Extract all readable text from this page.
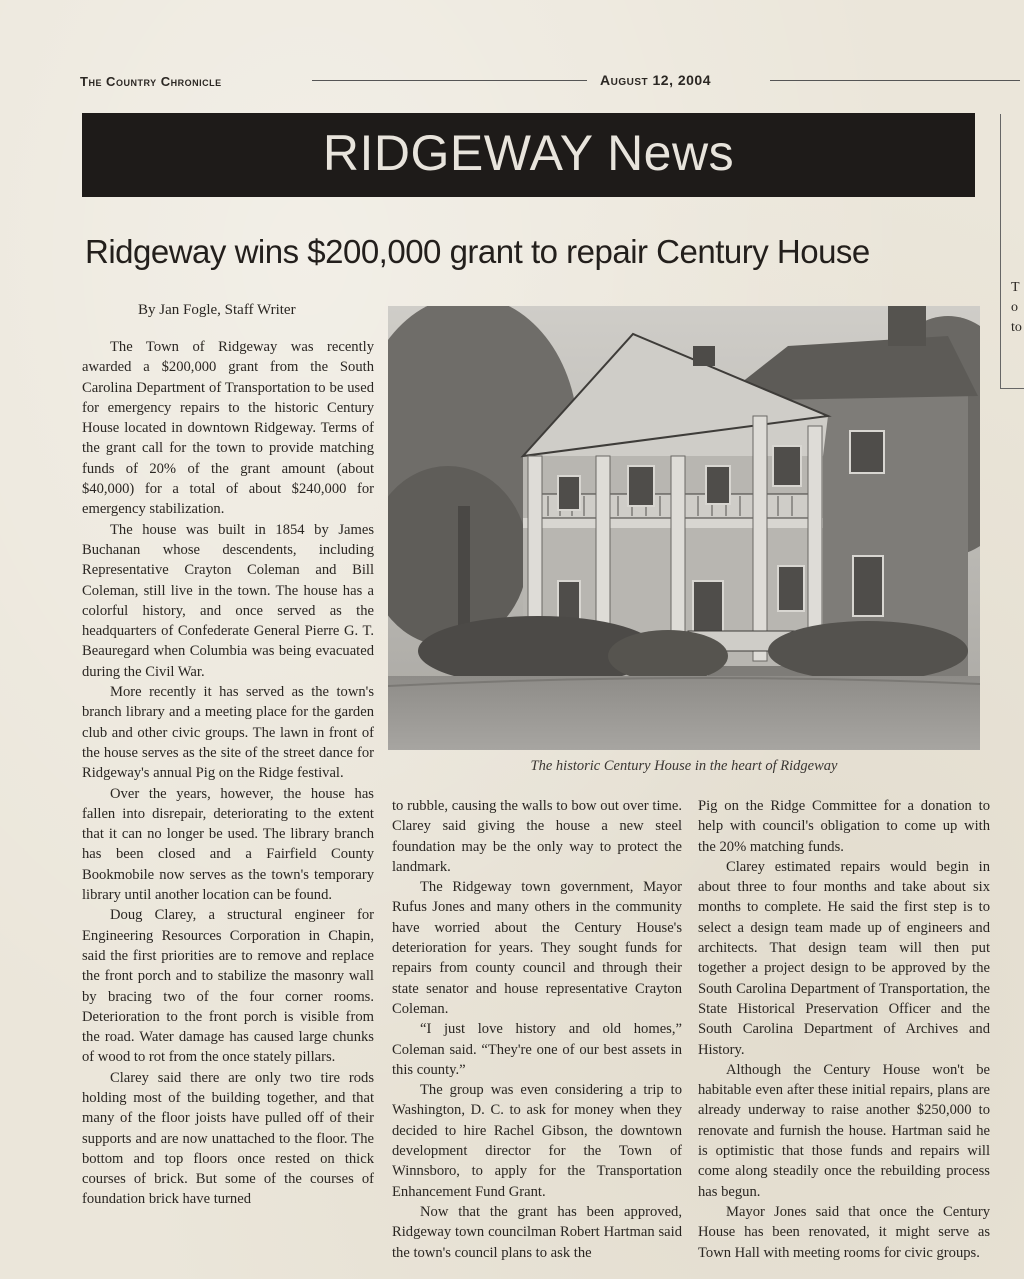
The Country Chronicle	August 12, 2004
RIDGEWAY News
Ridgeway wins $200,000 grant to repair Century House
By Jan Fogle, Staff Writer
The historic Century House in the heart of Ridgeway

The Town of Ridgeway was recently awarded a $200,000 grant from the South Carolina Department of Transportation to be used for emergency repairs to the historic Century House located in downtown Ridgeway. Terms of the grant call for the town to provide matching funds of 20% of the grant amount (about $40,000) for a total of about $240,000 for emergency stabilization.

The house was built in 1854 by James Buchanan whose descendents, including Representative Crayton Coleman and Bill Coleman, still live in the town. The house has a colorful history, and once served as the headquarters of Confederate General Pierre G. T. Beauregard when Columbia was being evacuated during the Civil War.

More recently it has served as the town's branch library and a meeting place for the garden club and other civic groups. The lawn in front of the house serves as the site of the street dance for Ridgeway's annual Pig on the Ridge festival.

Over the years, however, the house has fallen into disrepair, deteriorating to the extent that it can no longer be used. The library branch has been closed and a Fairfield County Bookmobile now serves as the town's temporary library until another location can be found.

Doug Clarey, a structural engineer for Engineering Resources Corporation in Chapin, said the first priorities are to remove and replace the front porch and to stabilize the masonry wall by bracing two of the four corner rooms. Deterioration to the front porch is visible from the road. Water damage has caused large chunks of wood to rot from the once stately pillars.

Clarey said there are only two tire rods holding most of the building together, and that many of the floor joists have pulled off of their supports and are now unattached to the floor. The bottom and top floors once rested on thick courses of brick. But some of the courses of foundation brick have turned

to rubble, causing the walls to bow out over time. Clarey said giving the house a new steel foundation may be the only way to protect the landmark.

The Ridgeway town government, Mayor Rufus Jones and many others in the community have worried about the Century House's deterioration for years. They sought funds for repairs from county council and through their state senator and house representative Crayton Coleman.

“I just love history and old homes,” Coleman said. “They're one of our best assets in this county.”

The group was even considering a trip to Washington, D. C. to ask for money when they decided to hire Rachel Gibson, the downtown development director for the Town of Winnsboro, to apply for the Transportation Enhancement Fund Grant.

Now that the grant has been approved, Ridgeway town councilman Robert Hartman said the town's council plans to ask the

Pig on the Ridge Committee for a donation to help with council's obligation to come up with the 20% matching funds.

Clarey estimated repairs would begin in about three to four months and take about six months to complete. He said the first step is to select a design team made up of engineers and architects. That design team will then put together a project design to be approved by the South Carolina Department of Transportation, the State Historical Preservation Officer and the South Carolina Department of Archives and History.

Although the Century House won't be habitable even after these initial repairs, plans are already underway to raise another $250,000 to renovate and furnish the house. Hartman said he is optimistic that those funds and repairs will come along steadily once the rebuilding process has begun.

Mayor Jones said that once the Century House has been renovated, it might serve as Town Hall with meeting rooms for civic groups.

T
o
to
